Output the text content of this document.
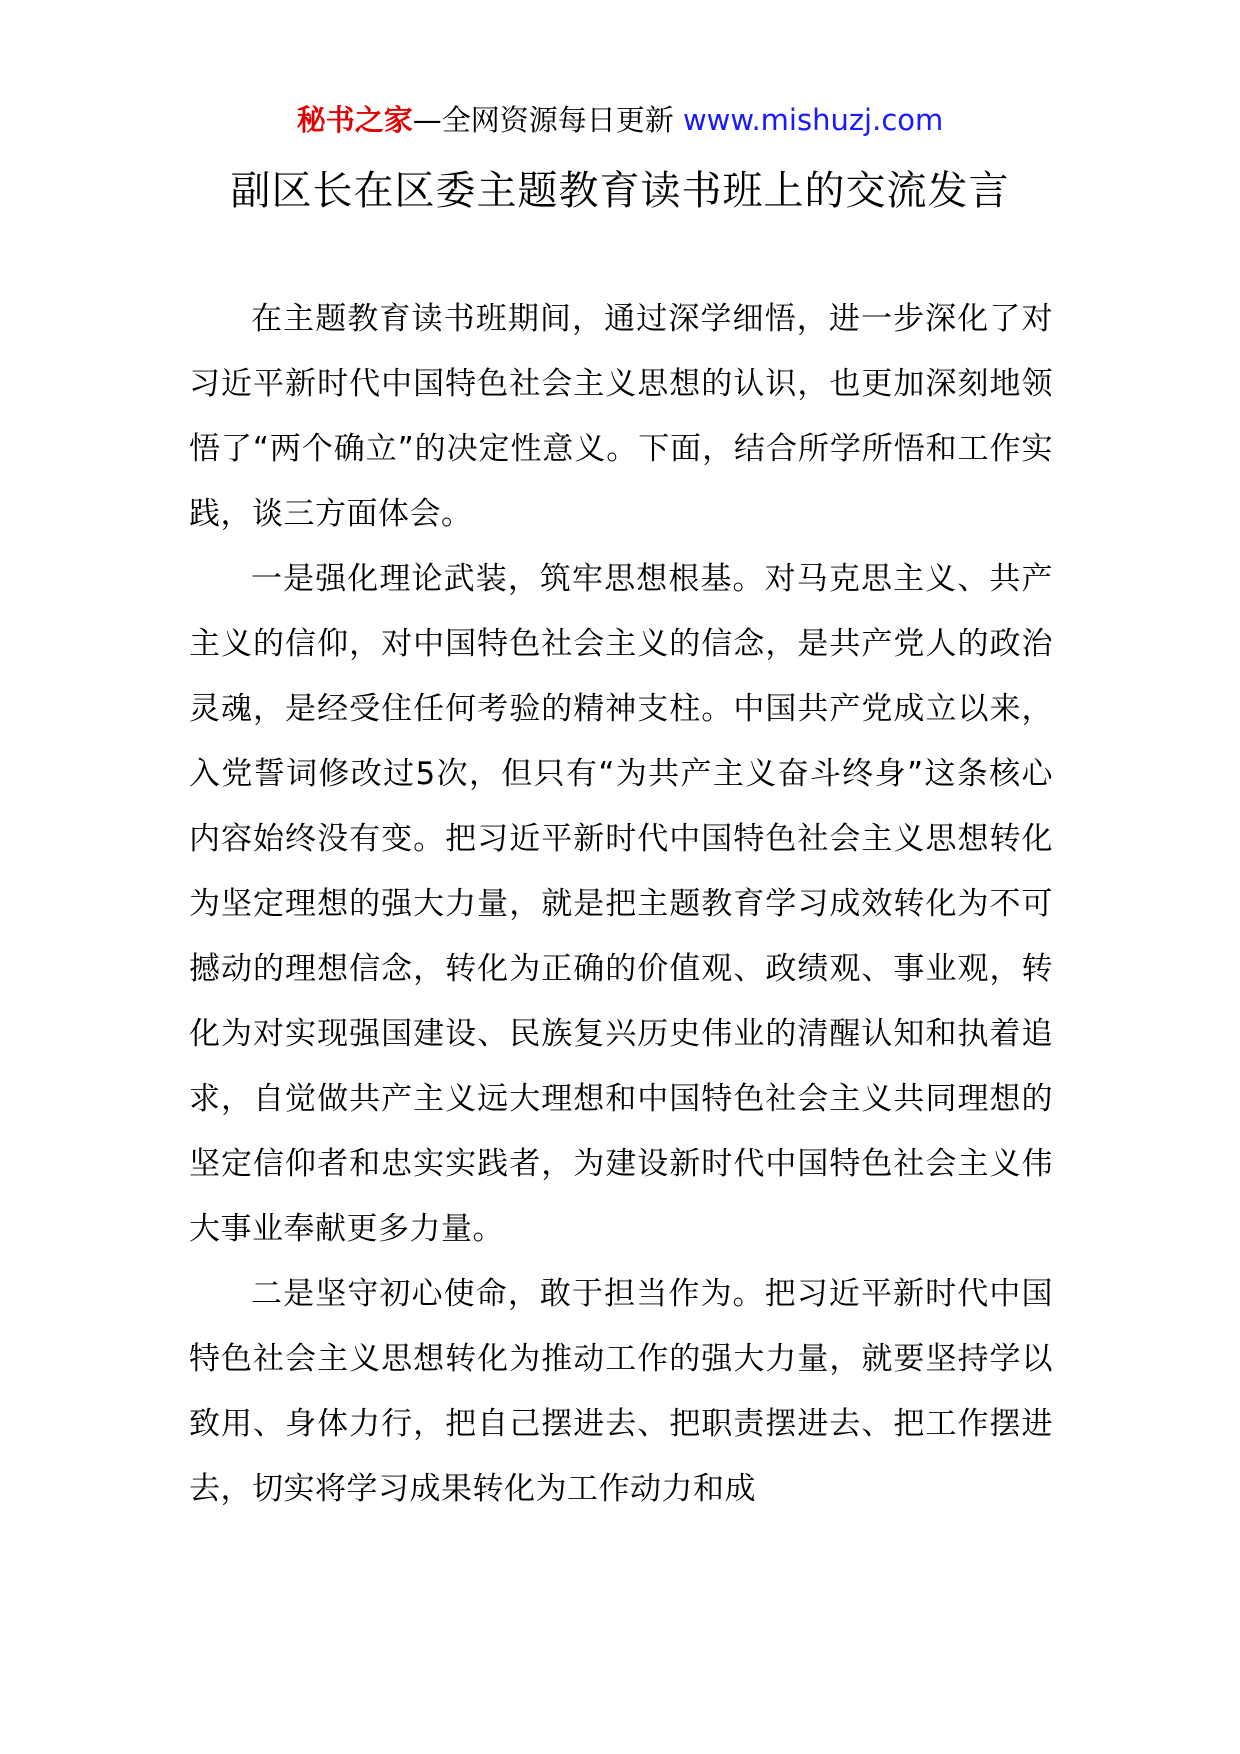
秘书之家—全网资源每日更新 www.mishuzj.com
副区长在区委主题教育读书班上的交流发言

在主题教育读书班期间，通过深学细悟，进一步深化了对习近平新时代中国特色社会主义思想的认识，也更加深刻地领悟了“两个确立”的决定性意义。下面，结合所学所悟和工作实践，谈三方面体会。

一是强化理论武装，筑牢思想根基。对马克思主义、共产主义的信仰，对中国特色社会主义的信念，是共产党人的政治灵魂，是经受住任何考验的精神支柱。中国共产党成立以来，入党誓词修改过5次，但只有“为共产主义奋斗终身”这条核心内容始终没有变。把习近平新时代中国特色社会主义思想转化为坚定理想的强大力量，就是把主题教育学习成效转化为不可撼动的理想信念，转化为正确的价值观、政绩观、事业观，转化为对实现强国建设、民族复兴历史伟业的清醒认知和执着追求，自觉做共产主义远大理想和中国特色社会主义共同理想的坚定信仰者和忠实实践者，为建设新时代中国特色社会主义伟大事业奉献更多力量。

二是坚守初心使命，敢于担当作为。把习近平新时代中国特色社会主义思想转化为推动工作的强大力量，就要坚持学以致用、身体力行，把自己摆进去、把职责摆进去、把工作摆进去，切实将学习成果转化为工作动力和成
